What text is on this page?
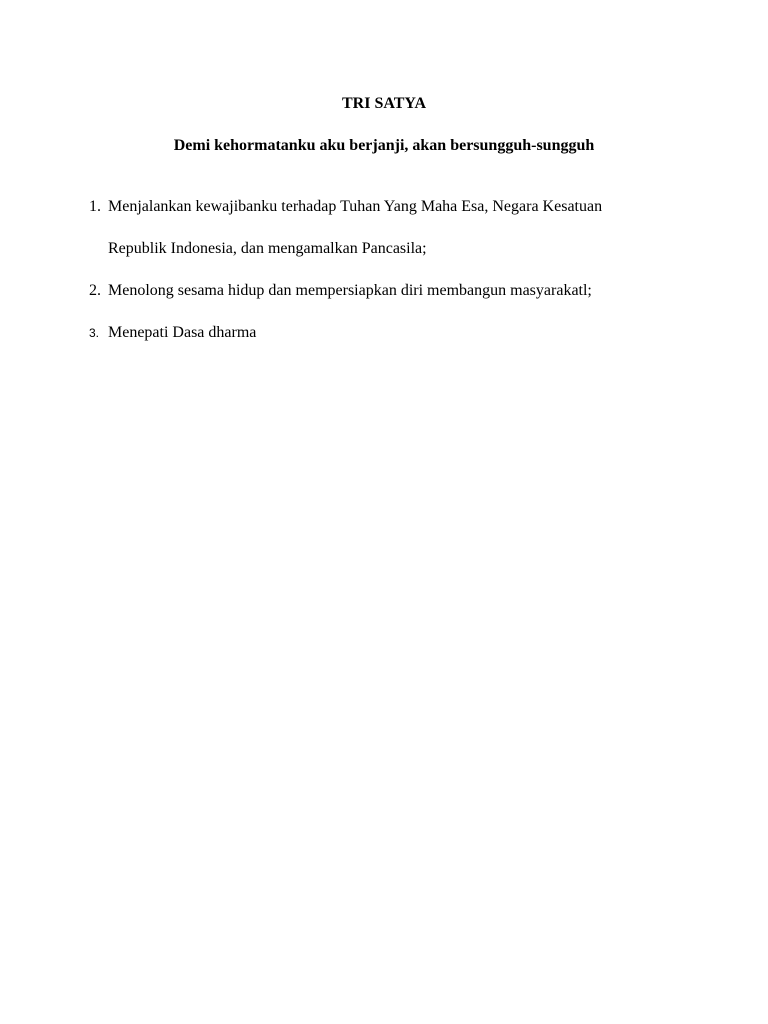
TRI SATYA

Demi kehormatanku aku berjanji, akan bersungguh-sungguh

1. Menjalankan kewajibanku terhadap Tuhan Yang Maha Esa, Negara Kesatuan
Republik Indonesia, dan mengamalkan Pancasila;
2. Menolong sesama hidup dan mempersiapkan diri membangun masyarakatl;
3. Menepati Dasa dharma
